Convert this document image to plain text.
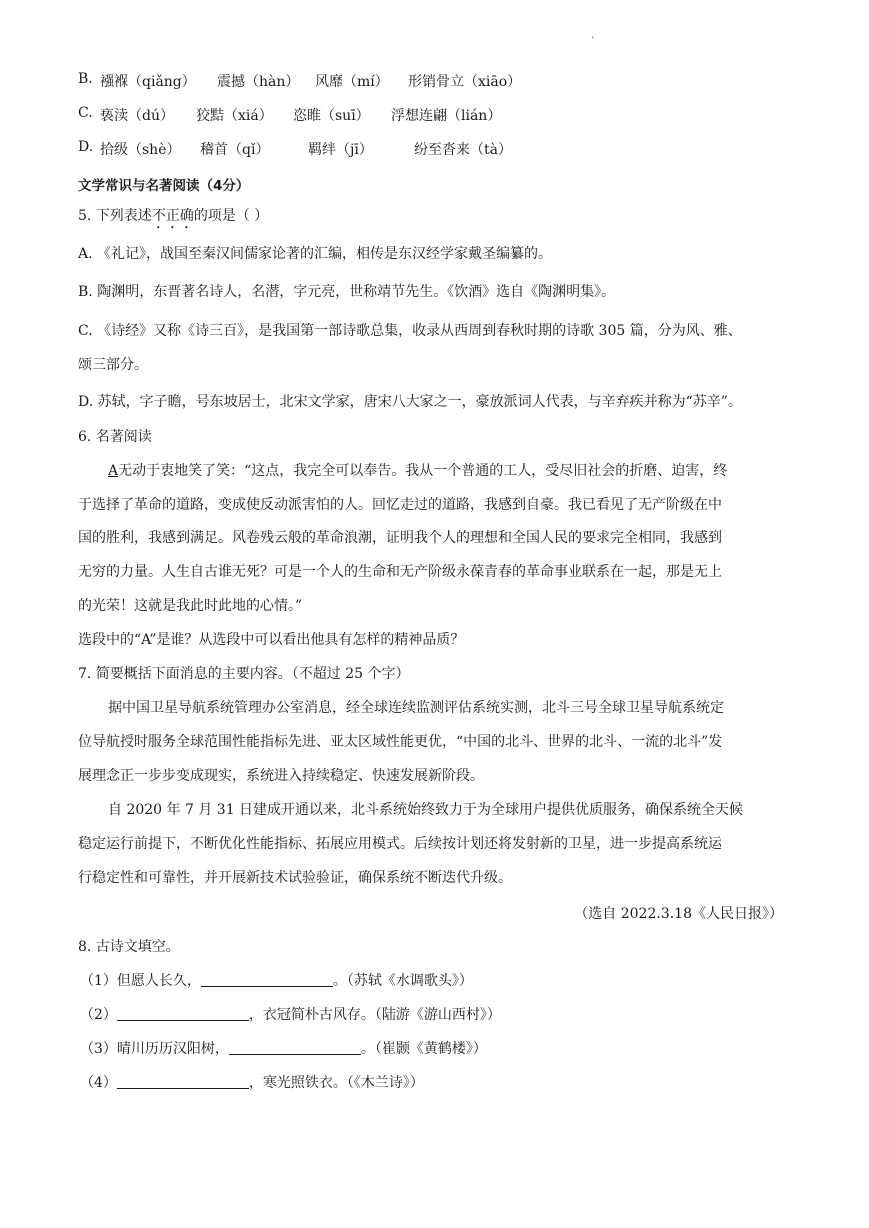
.
B. 襁褓（qiǎng） 震撼（hàn） 风靡（mí） 形销骨立（xiāo）
C. 亵渎（dú） 狡黠（xiá） 恣睢（suī） 浮想连翩（lián）
D. 拾级（shè） 稽首（qǐ）	羁绊（jī）	纷至沓来（tà）
文学常识与名著阅读（4分）
5. 下列表述不正确的项是（ ）
A. 《礼记》，战国至秦汉间儒家论著的汇编，相传是东汉经学家戴圣编纂的。
B. 陶渊明，东晋著名诗人，名潜，字元亮，世称靖节先生。《饮酒》选自《陶渊明集》。
C. 《诗经》又称《诗三百》，是我国第一部诗歌总集，收录从西周到春秋时期的诗歌 305 篇，分为风、雅、
颂三部分。
D. 苏轼，字子瞻，号东坡居士，北宋文学家，唐宋八大家之一，豪放派词人代表，与辛弃疾并称为“苏辛”。
6. 名著阅读
A无动于衷地笑了笑：“这点，我完全可以奉告。我从一个普通的工人，受尽旧社会的折磨、迫害，终
于选择了革命的道路，变成使反动派害怕的人。回忆走过的道路，我感到自豪。我已看见了无产阶级在中
国的胜利，我感到满足。风卷残云般的革命浪潮，证明我个人的理想和全国人民的要求完全相同，我感到
无穷的力量。人生自古谁无死？可是一个人的生命和无产阶级永葆青春的革命事业联系在一起，那是无上
的光荣！这就是我此时此地的心情。”
选段中的“A”是谁？从选段中可以看出他具有怎样的精神品质？
7. 简要概括下面消息的主要内容。（不超过 25 个字）
据中国卫星导航系统管理办公室消息，经全球连续监测评估系统实测，北斗三号全球卫星导航系统定
位导航授时服务全球范围性能指标先进、亚太区域性能更优，“中国的北斗、世界的北斗、一流的北斗”发
展理念正一步步变成现实，系统进入持续稳定、快速发展新阶段。
自 2020 年 7 月 31 日建成开通以来，北斗系统始终致力于为全球用户提供优质服务，确保系统全天候
稳定运行前提下，不断优化性能指标、拓展应用模式。后续按计划还将发射新的卫星，进一步提高系统运
行稳定性和可靠性，并开展新技术试验验证，确保系统不断迭代升级。
（选自 2022.3.18《人民日报》）
8. 古诗文填空。
（1）但愿人长久，	。（苏轼《水调歌头》）
（2）	，衣冠简朴古风存。（陆游《游山西村》）
（3）晴川历历汉阳树，	。（崔颢《黄鹤楼》）
（4）	，寒光照铁衣。（《木兰诗》）
